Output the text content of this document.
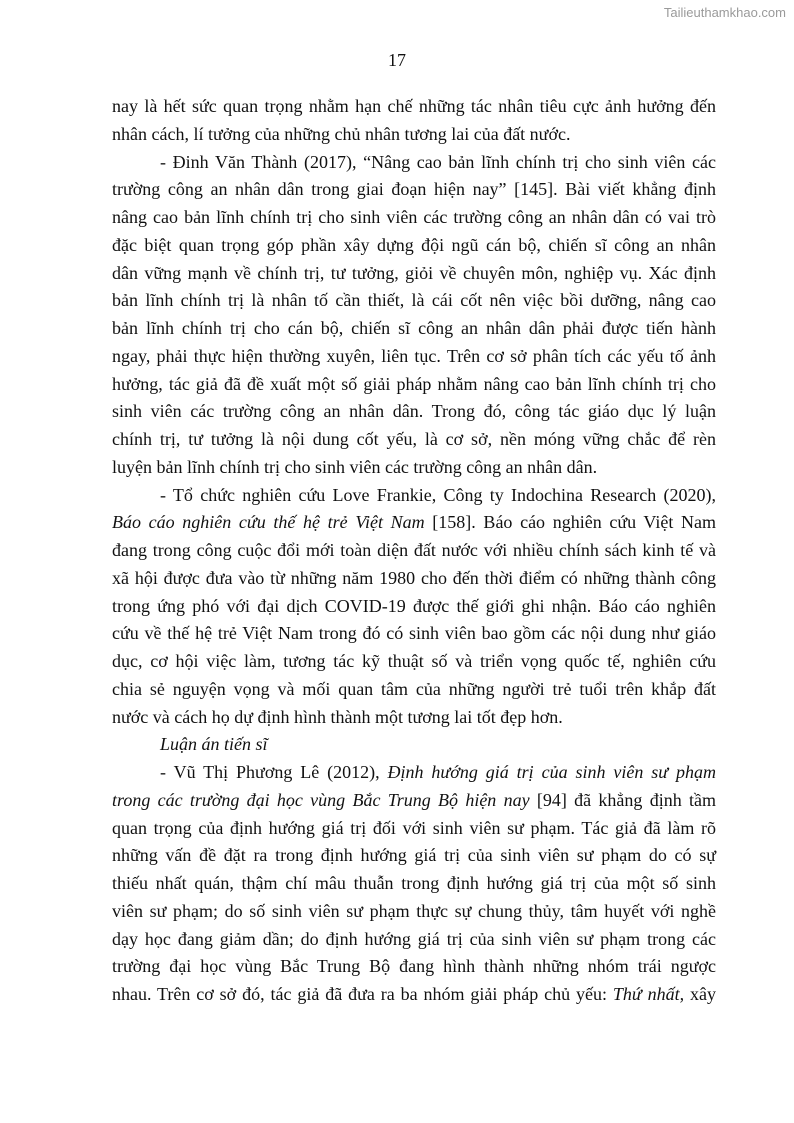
Tailieuthamkhao.com
17
nay là hết sức quan trọng nhằm hạn chế những tác nhân tiêu cực ảnh hưởng đến
nhân cách, lí tưởng của những chủ nhân tương lai của đất nước.
- Đinh Văn Thành (2017), “Nâng cao bản lĩnh chính trị cho sinh viên các
trường công an nhân dân trong giai đoạn hiện nay” [145]. Bài viết khẳng định
nâng cao bản lĩnh chính trị cho sinh viên các trường công an nhân dân có vai trò
đặc biệt quan trọng góp phần xây dựng đội ngũ cán bộ, chiến sĩ công an nhân
dân vững mạnh về chính trị, tư tưởng, giỏi về chuyên môn, nghiệp vụ. Xác định
bản lĩnh chính trị là nhân tố cần thiết, là cái cốt nên việc bồi dưỡng, nâng cao
bản lĩnh chính trị cho cán bộ, chiến sĩ công an nhân dân phải được tiến hành
ngay, phải thực hiện thường xuyên, liên tục. Trên cơ sở phân tích các yếu tố ảnh
hưởng, tác giả đã đề xuất một số giải pháp nhằm nâng cao bản lĩnh chính trị cho
sinh viên các trường công an nhân dân. Trong đó, công tác giáo dục lý luận
chính trị, tư tưởng là nội dung cốt yếu, là cơ sở, nền móng vững chắc để rèn
luyện bản lĩnh chính trị cho sinh viên các trường công an nhân dân.
- Tổ chức nghiên cứu Love Frankie, Công ty Indochina Research (2020),
Báo cáo nghiên cứu thế hệ trẻ Việt Nam [158]. Báo cáo nghiên cứu Việt Nam
đang trong công cuộc đổi mới toàn diện đất nước với nhiều chính sách kinh tế và
xã hội được đưa vào từ những năm 1980 cho đến thời điểm có những thành công
trong ứng phó với đại dịch COVID-19 được thế giới ghi nhận. Báo cáo nghiên
cứu về thế hệ trẻ Việt Nam trong đó có sinh viên bao gồm các nội dung như giáo
dục, cơ hội việc làm, tương tác kỹ thuật số và triển vọng quốc tế, nghiên cứu
chia sẻ nguyện vọng và mối quan tâm của những người trẻ tuổi trên khắp đất
nước và cách họ dự định hình thành một tương lai tốt đẹp hơn.
Luận án tiến sĩ
- Vũ Thị Phương Lê (2012), Định hướng giá trị của sinh viên sư phạm
trong các trường đại học vùng Bắc Trung Bộ hiện nay [94] đã khẳng định tầm
quan trọng của định hướng giá trị đối với sinh viên sư phạm. Tác giả đã làm rõ
những vấn đề đặt ra trong định hướng giá trị của sinh viên sư phạm do có sự
thiếu nhất quán, thậm chí mâu thuẫn trong định hướng giá trị của một số sinh
viên sư phạm; do số sinh viên sư phạm thực sự chung thủy, tâm huyết với nghề
dạy học đang giảm dần; do định hướng giá trị của sinh viên sư phạm trong các
trường đại học vùng Bắc Trung Bộ đang hình thành những nhóm trái ngược
nhau. Trên cơ sở đó, tác giả đã đưa ra ba nhóm giải pháp chủ yếu: Thứ nhất, xây
